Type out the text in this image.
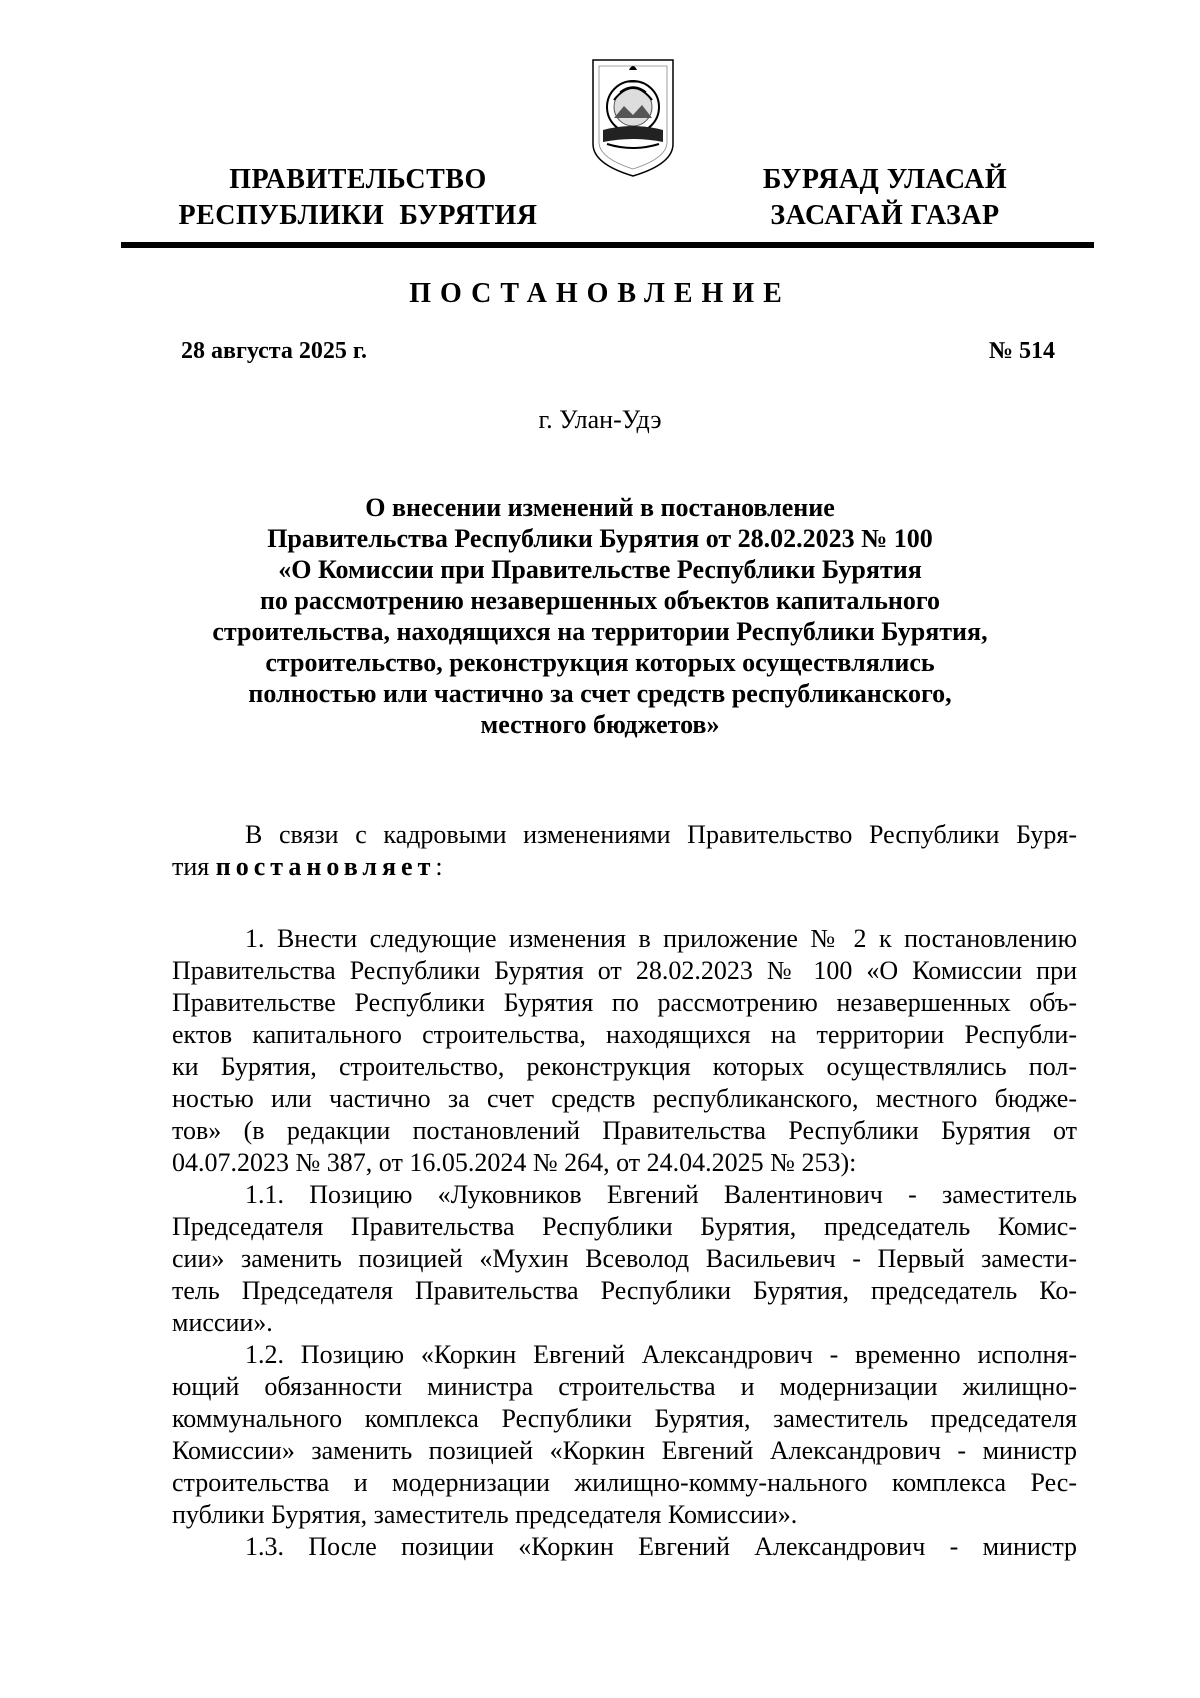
ПРАВИТЕЛЬСТВО
РЕСПУБЛИКИ  БУРЯТИЯ
БУРЯАД УЛАСАЙ
ЗАСАГАЙ ГАЗАР
ПОСТАНОВЛЕНИЕ
28 августа 2025 г.	№ 514
г. Улан-Удэ
О внесении изменений в постановление
Правительства Республики Бурятия от 28.02.2023 № 100
«О Комиссии при Правительстве Республики Бурятия
по рассмотрению незавершенных объектов капитального
строительства, находящихся на территории Республики Бурятия,
строительство, реконструкция которых осуществлялись
полностью или частично за счет средств республиканского,
местного бюджетов»
В связи с кадровыми изменениями Правительство Республики Буря-
тия постановляет:
1. Внести следующие изменения в приложение № 2 к постановлению
Правительства Республики Бурятия от 28.02.2023 № 100 «О Комиссии при
Правительстве Республики Бурятия по рассмотрению незавершенных объ-
ектов капитального строительства, находящихся на территории Республи-
ки Бурятия, строительство, реконструкция которых осуществлялись пол-
ностью или частично за счет средств республиканского, местного бюдже-
тов» (в редакции постановлений Правительства Республики Бурятия от
04.07.2023 № 387, от 16.05.2024 № 264, от 24.04.2025 № 253):
1.1. Позицию «Луковников Евгений Валентинович - заместитель
Председателя Правительства Республики Бурятия, председатель Комис-
сии» заменить позицией «Мухин Всеволод Васильевич - Первый замести-
тель Председателя Правительства Республики Бурятия, председатель Ко-
миссии».
1.2. Позицию «Коркин Евгений Александрович - временно исполня-
ющий обязанности министра строительства и модернизации жилищно-
коммунального комплекса Республики Бурятия, заместитель председателя
Комиссии» заменить позицией «Коркин Евгений Александрович - министр
строительства и модернизации жилищно-комму-нального комплекса Рес-
публики Бурятия, заместитель председателя Комиссии».
1.3. После позиции «Коркин Евгений Александрович - министр
